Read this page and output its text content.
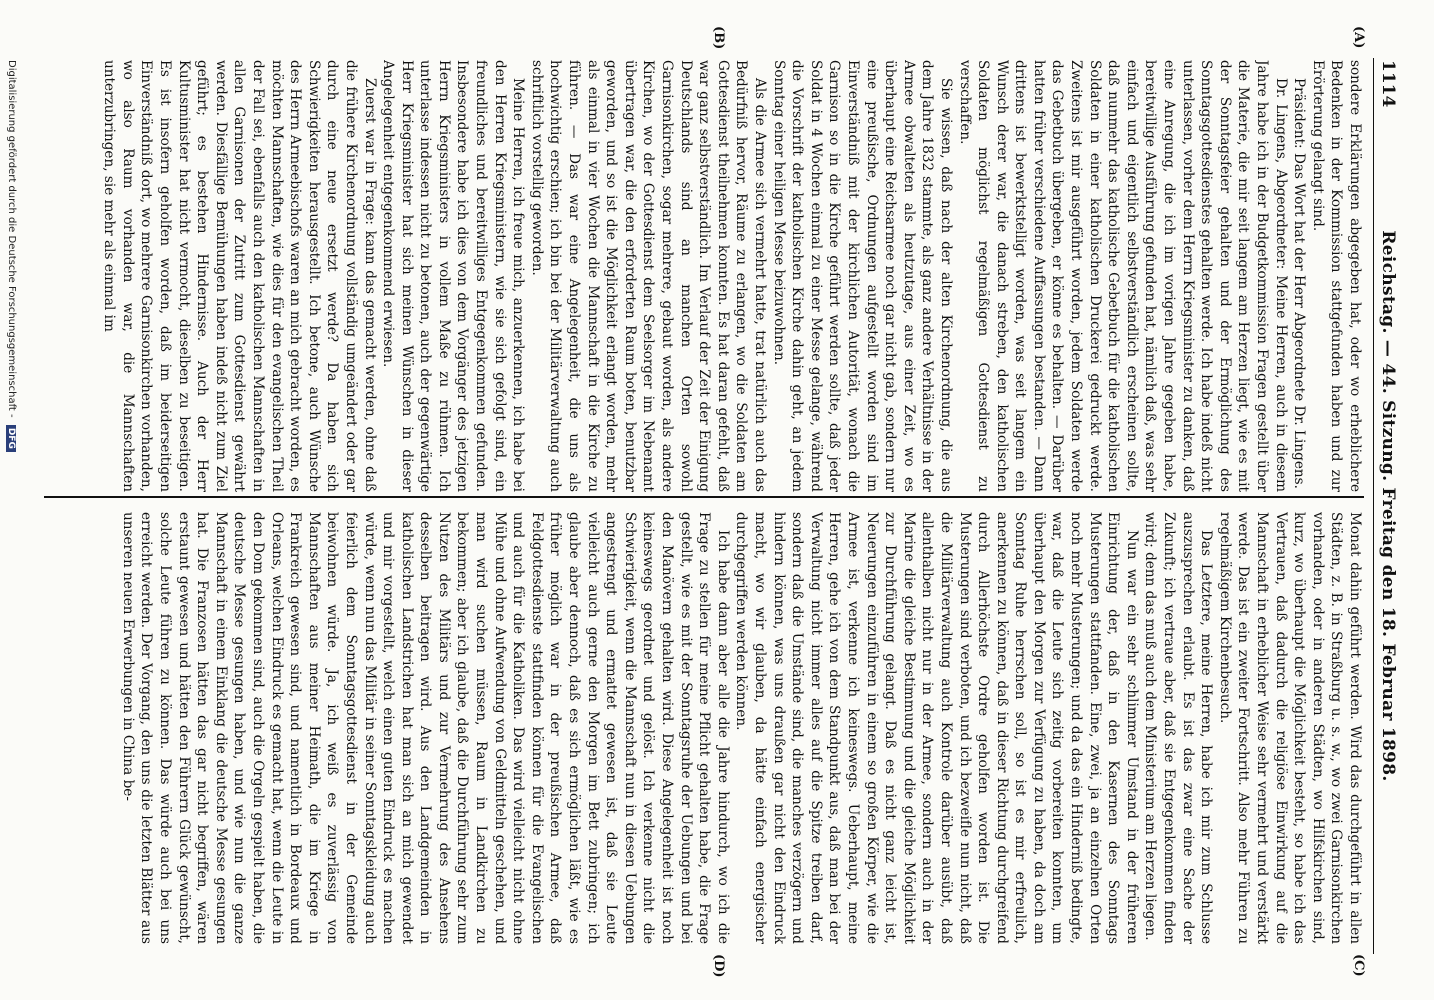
1114
Reichstag. — 44. Sitzung. Freitag den 18. Februar 1898.
(A)
(B)
(C)
(D)

sondere Erklärungen abgegeben hat, oder wo erheblichere Bedenken in der Kommission stattgefunden haben und zur Erörterung gelangt sind.

Präsident: Das Wort hat der Herr Abgeordnete Dr. Lingens.

Dr. Lingens, Abgeordneter: Meine Herren, auch in diesem Jahre habe ich in der Budgetkommission Fragen gestellt über die Materie, die mir seit langem am Herzen liegt, wie es mit der Sonntagsfeier gehalten und der Ermöglichung des Sonntagsgottesdienstes gehalten werde. Ich habe indeß nicht unterlassen, vorher dem Herrn Kriegsminister zu danken, daß eine Anregung, die ich im vorigen Jahre gegeben habe, bereitwillige Ausführung gefunden hat, nämlich daß, was sehr einfach und eigentlich selbstverständlich erscheinen sollte, daß nunmehr das katholische Gebetbuch für die katholischen Soldaten in einer katholischen Druckerei gedruckt werde. Zweitens ist mir ausgeführt worden, jedem Soldaten werde das Gebetbuch übergeben, er könne es behalten. — Darüber hatten früher verschiedene Auffassungen bestanden. — Dann drittens ist bewerktstelligt worden, was seit langem ein Wunsch derer war, die danach streben, den katholischen Soldaten möglichst regelmäßigen Gottesdienst zu verschaffen.

Sie wissen, daß nach der alten Kirchenordnung, die aus dem Jahre 1832 stammte, als ganz andere Verhältnisse in der Armee obwalteten als heutzutage, aus einer Zeit, wo es überhaupt eine Reichsarmee noch gar nicht gab, sondern nur eine preußische, Ordnungen aufgestellt worden sind im Einverständniß mit der kirchlichen Autorität, wonach die Garnison so in die Kirche geführt werden sollte, daß jeder Soldat in 4 Wochen einmal zu einer Messe gelange, während die Vorschrift der katholischen Kirche dahin geht, an jedem Sonntag einer heiligen Messe beizuwohnen.

Als die Armee sich vermehrt hatte, trat natürlich auch das Bedürfniß hervor, Räume zu erlangen, wo die Soldaten am Gottesdienst theilnehmen konnten. Es hat daran gefehlt, daß war ganz selbstverständlich. Im Verlauf der Zeit der Einigung Deutschlands sind an manchen Orten sowohl Garnisonkirchen, sogar mehrere, gebaut worden, als andere Kirchen, wo der Gottesdienst dem Seelsorger im Nebenamt übertragen war, die den erforderten Raum boten, benutzbar geworden, und so ist die Möglichkeit erlangt worden, mehr als einmal in vier Wochen die Mannschaft in die Kirche zu führen. — Das war eine Angelegenheit, die uns als hochwichtig erschien; ich bin bei der Militärverwaltung auch schriftlich vorstellig geworden.

Meine Herren, ich freue mich, anzuerkennen, ich habe bei den Herren Kriegsministern, wie sie sich gefolgt sind, ein freundliches und bereitwilliges Entgegenkommen gefunden. Insbesondere habe ich dies von dem Vorgänger des jetzigen Herrn Kriegsministers in vollem Maße zu rühmen. Ich unterlasse indessen nicht zu betonen, auch der gegenwärtige Herr Kriegsminister hat sich meinen Wünschen in dieser Angelegenheit entgegenkommend erwiesen.

Zuerst war in Frage: kann das gemacht werden, ohne daß die frühere Kirchenordnung vollständig umgeändert oder gar durch eine neue ersetzt werde? Da haben sich Schwierigkeiten herausgestellt. Ich betone, auch Wünsche des Herrn Armeebischofs waren an mich gebracht worden, es möchten Mannschaften, wie dies für den evangelischen Theil der Fall sei, ebenfalls auch den katholischen Mannschaften in allen Garnisonen der Zutritt zum Gottesdienst gewährt werden. Diesfällige Bemühungen haben indeß nicht zum Ziel geführt; es bestehen Hindernisse. Auch der Herr Kultusminister hat nicht vermocht, dieselben zu beseitigen. Es ist insofern geholfen worden, daß im beiderseitigen Einverständniß dort, wo mehrere Garnisonkirchen vorhanden, wo also Raum vorhanden war, die Mannschaften unterzubringen, sie mehr als einmal im

Monat dahin geführt werden. Wird das durchgeführt in allen Städten, z. B. in Straßburg u. s. w., wo zwei Garnisonkirchen vorhanden, oder in anderen Städten, wo Hilfskirchen sind, kurz, wo überhaupt die Möglichkeit besteht, so habe ich das Vertrauen, daß dadurch die religiöse Einwirkung auf die Mannschaft in erheblicher Weise sehr vermehrt und verstärkt werde. Das ist ein zweiter Fortschritt. Also mehr Führen zu regelmäßigem Kirchenbesuch.

Das Letztere, meine Herren, habe ich mir zum Schlusse auszusprechen erlaubt. Es ist das zwar eine Sache der Zukunft; ich vertraue aber, daß sie Entgegenkommen finden wird; denn das muß auch dem Ministerium am Herzen liegen.

Nun war ein sehr schlimmer Umstand in der früheren Einrichtung der, daß in den Kasernen des Sonntags Musterungen stattfanden. Eine, zwei, ja an einzelnen Orten noch mehr Musterungen; und da das ein Hinderniß bedingte, war, daß die Leute sich zeitig vorbereiten konnten, um überhaupt den Morgen zur Verfügung zu haben, da doch am Sonntag Ruhe herrschen soll, so ist es mir erfreulich, anerkennen zu können, daß in dieser Richtung durchgreifend durch Allerhöchste Ordre geholfen worden ist. Die Musterungen sind verboten, und ich bezweifle nun nicht, daß die Militärverwaltung auch Kontrole darüber ausübt, daß allenthalben nicht nur in der Armee, sondern auch in der Marine die gleiche Bestimmung und die gleiche Möglichkeit zur Durchführung gelangt. Daß es nicht ganz leicht ist, Neuerungen einzuführen in einem so großen Körper, wie die Armee ist, verkenne ich keineswegs. Ueberhaupt, meine Herren, gehe ich von dem Standpunkt aus, daß man bei der Verwaltung nicht immer alles auf die Spitze treiben darf, sondern daß die Umstände sind, die manches verzögern und hindern können, was uns draußen gar nicht den Eindruck macht, wo wir glauben, da hätte einfach energischer durchgegriffen werden können.

Ich habe dann aber alle die Jahre hindurch, wo ich die Frage zu stellen für meine Pflicht gehalten habe, die Frage gestellt, wie es mit der Sonntagsruhe der Uebungen und bei den Manövern gehalten wird. Diese Angelegenheit ist noch keineswegs geordnet und gelöst. Ich verkenne nicht die Schwierigkeit, wenn die Mannschaft nun in diesen Uebungen angestrengt und ermattet gewesen ist, daß sie Leute vielleicht auch gerne den Morgen im Bett zubringen; ich glaube aber dennoch, daß es sich ermöglichen läßt, wie es früher möglich war in der preußischen Armee, daß Feldgottesdienste stattfinden können für die Evangelischen und auch für die Katholiken. Das wird vielleicht nicht ohne Mühe und ohne Aufwendung von Geldmitteln geschehen, und man wird suchen müssen, Raum in Landkirchen zu bekommen; aber ich glaube, daß die Durchführung sehr zum Nutzen des Militärs und zur Vermehrung des Ansehens desselben beitragen wird. Aus den Landgemeinden in katholischen Landstrichen hat man sich an mich gewendet und mir vorgestellt, welch einen guten Eindruck es machen würde, wenn nun das Militär in seiner Sonntagskleidung auch feierlich dem Sonntagsgottesdienst in der Gemeinde beiwohnen würde. Ja, ich weiß es zuverlässig von Mannschaften aus meiner Heimath, die im Kriege in Frankreich gewesen sind, und namentlich in Bordeaux und Orleans, welchen Eindruck es gemacht hat, wenn die Leute in den Dom gekommen sind, auch die Orgeln gespielt haben, die deutsche Messe gesungen haben, und wie nun die ganze Mannschaft in einem Einklang die deutsche Messe gesungen hat. Die Franzosen hätten das gar nicht begriffen, wären erstaunt gewesen und hätten den Führern Glück gewünscht, solche Leute führen zu können. Das würde auch bei uns erreicht werden. Der Vorgang, den uns die letzten Blätter aus unseren neuen Erwerbungen in China be-

Digitalisierung gefördert durch die Deutsche Forschungsgemeinschaft - DFG
